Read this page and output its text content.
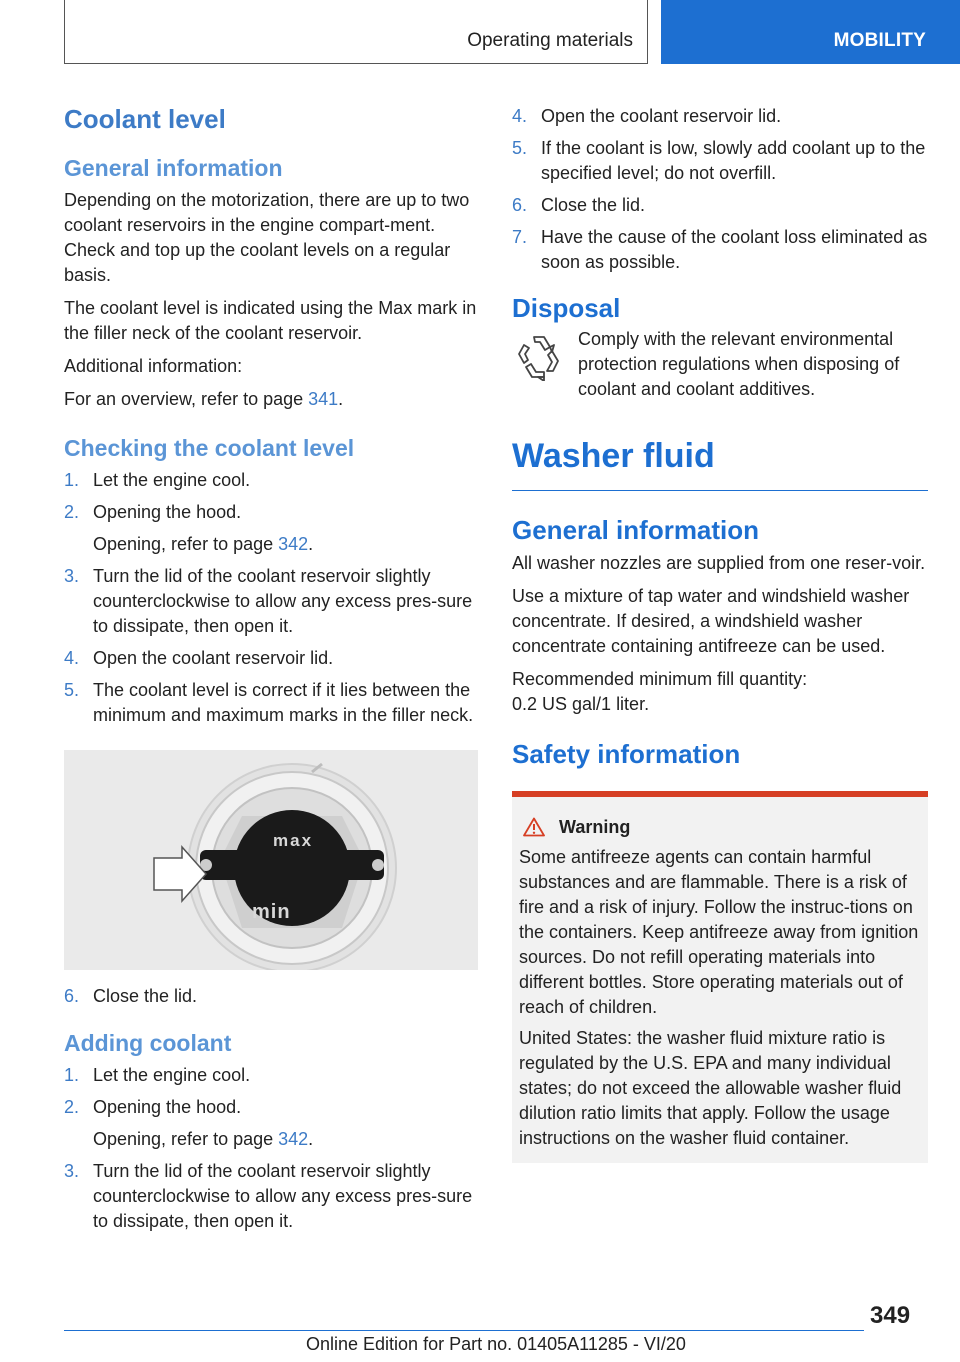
Operating materials	MOBILITY
Coolant level
General information

Depending on the motorization, there are up to two coolant reservoirs in the engine compart-ment. Check and top up the coolant levels on a regular basis.

The coolant level is indicated using the Max mark in the filler neck of the coolant reservoir.

Additional information:

For an overview, refer to page 341.

Checking the coolant level
1. Let the engine cool.
2. Opening the hood.
Opening, refer to page 342.
3. Turn the lid of the coolant reservoir slightly counterclockwise to allow any excess pres-sure to dissipate, then open it.
4. Open the coolant reservoir lid.
5. The coolant level is correct if it lies between the minimum and maximum marks in the filler neck.
max
min
6. Close the lid.
Adding coolant
1. Let the engine cool.
2. Opening the hood.
Opening, refer to page 342.
3. Turn the lid of the coolant reservoir slightly counterclockwise to allow any excess pres-sure to dissipate, then open it.
4. Open the coolant reservoir lid.
5. If the coolant is low, slowly add coolant up to the specified level; do not overfill.
6. Close the lid.
7. Have the cause of the coolant loss eliminated as soon as possible.
Disposal

Comply with the relevant environmental protection regulations when disposing of coolant and coolant additives.

Washer fluid
General information

All washer nozzles are supplied from one reser-voir.

Use a mixture of tap water and windshield washer concentrate. If desired, a windshield washer concentrate containing antifreeze can be used.

Recommended minimum fill quantity:

0.2 US gal/1 liter.

Safety information
Warning

Some antifreeze agents can contain harmful substances and are flammable. There is a risk of fire and a risk of injury. Follow the instruc-tions on the containers. Keep antifreeze away from ignition sources. Do not refill operating materials into different bottles. Store operating materials out of reach of children.

United States: the washer fluid mixture ratio is regulated by the U.S. EPA and many individual states; do not exceed the allowable washer fluid dilution ratio limits that apply. Follow the usage instructions on the washer fluid container.

349
Online Edition for Part no. 01405A11285 - VI/20
